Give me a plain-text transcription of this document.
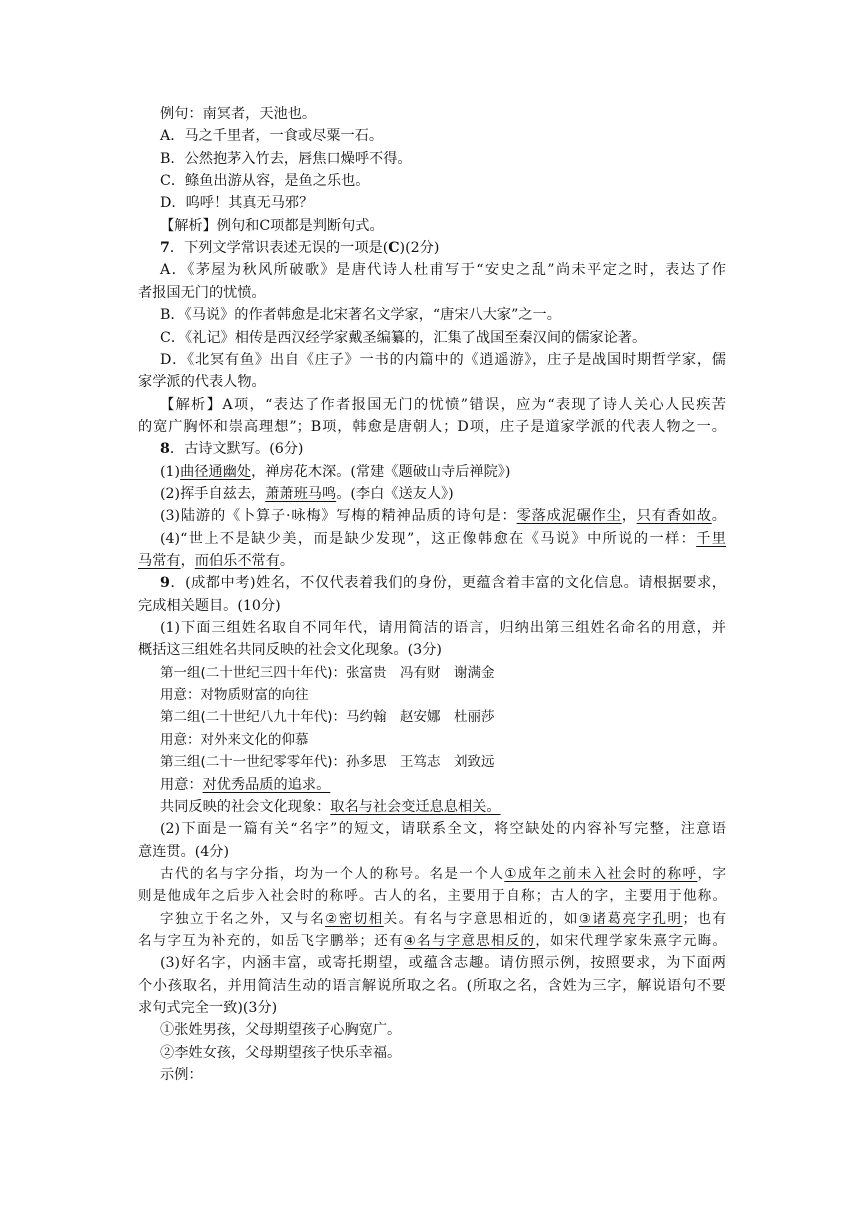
例句：南冥者，天池也。
A．马之千里者，一食或尽粟一石。
B．公然抱茅入竹去，唇焦口燥呼不得。
C．鲦鱼出游从容，是鱼之乐也。
D．呜呼！其真无马邪？
【解析】例句和C项都是判断句式。
7．下列文学常识表述无误的一项是(C)(2分)
A．《茅屋为秋风所破歌》是唐代诗人杜甫写于“安史之乱”尚未平定之时，表达了作
者报国无门的忧愤。
B．《马说》的作者韩愈是北宋著名文学家，“唐宋八大家”之一。
C．《礼记》相传是西汉经学家戴圣编纂的，汇集了战国至秦汉间的儒家论著。
D．《北冥有鱼》出自《庄子》一书的内篇中的《逍遥游》，庄子是战国时期哲学家，儒
家学派的代表人物。
【解析】A项，“表达了作者报国无门的忧愤”错误，应为“表现了诗人关心人民疾苦
的宽广胸怀和崇高理想”；B项，韩愈是唐朝人；D项，庄子是道家学派的代表人物之一。
8．古诗文默写。(6分)
(1)曲径通幽处，禅房花木深。(常建《题破山寺后禅院》)
(2)挥手自兹去，萧萧班马鸣。(李白《送友人》)
(3)陆游的《卜算子·咏梅》写梅的精神品质的诗句是：零落成泥碾作尘，只有香如故。
(4)“世上不是缺少美，而是缺少发现”，这正像韩愈在《马说》中所说的一样：千里
马常有，而伯乐不常有。
9．(成都中考)姓名，不仅代表着我们的身份，更蕴含着丰富的文化信息。请根据要求，
完成相关题目。(10分)
(1)下面三组姓名取自不同年代，请用简洁的语言，归纳出第三组姓名命名的用意，并
概括这三组姓名共同反映的社会文化现象。(3分)
第一组(二十世纪三四十年代)：张富贵　冯有财　谢满金
用意：对物质财富的向往
第二组(二十世纪八九十年代)：马约翰　赵安娜　杜丽莎
用意：对外来文化的仰慕
第三组(二十一世纪零零年代)：孙多思　王笃志　刘致远
用意：对优秀品质的追求。
共同反映的社会文化现象：取名与社会变迁息息相关。
(2)下面是一篇有关“名字”的短文，请联系全文，将空缺处的内容补写完整，注意语
意连贯。(4分)
古代的名与字分指，均为一个人的称号。名是一个人①成年之前未入社会时的称呼，字
则是他成年之后步入社会时的称呼。古人的名，主要用于自称；古人的字，主要用于他称。
字独立于名之外，又与名②密切相关。有名与字意思相近的，如③诸葛亮字孔明；也有
名与字互为补充的，如岳飞字鹏举；还有④名与字意思相反的，如宋代理学家朱熹字元晦。
(3)好名字，内涵丰富，或寄托期望，或蕴含志趣。请仿照示例，按照要求，为下面两
个小孩取名，并用简洁生动的语言解说所取之名。(所取之名，含姓为三字，解说语句不要
求句式完全一致)(3分)
①张姓男孩，父母期望孩子心胸宽广。
②李姓女孩，父母期望孩子快乐幸福。
示例：
